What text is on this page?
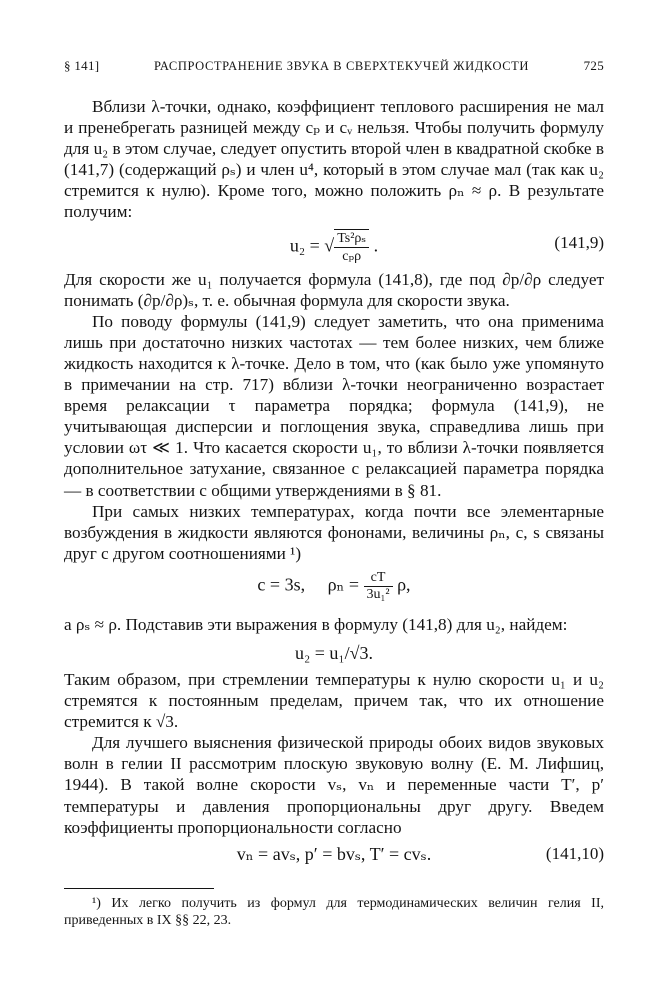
§ 141]	РАСПРОСТРАНЕНИЕ ЗВУКА В СВЕРХТЕКУЧЕЙ ЖИДКОСТИ	725

Вблизи λ-точки, однако, коэффициент теплового расширения не мал и пренебрегать разницей между cₚ и cᵥ нельзя. Чтобы получить формулу для u₂ в этом случае, следует опустить второй член в квадратной скобке в (141,7) (содержащий ρₛ) и член u⁴, который в этом случае мал (так как u₂ стремится к нулю). Кроме того, можно положить ρₙ ≈ ρ. В результате получим:

u₂ = √ $\frac{\text{Ts²ρₛ}}{\text{cₚρ}}$ .	(141,9)

Для скорости же u₁ получается формула (141,8), где под ∂p/∂ρ следует понимать (∂p/∂ρ)ₛ, т. е. обычная формула для скорости звука.

По поводу формулы (141,9) следует заметить, что она применима лишь при достаточно низких частотах — тем более низких, чем ближе жидкость находится к λ-точке. Дело в том, что (как было уже упомянуто в примечании на стр. 717) вблизи λ-точки неограниченно возрастает время релаксации τ параметра порядка; формула (141,9), не учитывающая дисперсии и поглощения звука, справедлива лишь при условии ωτ ≪ 1. Что касается скорости u₁, то вблизи λ-точки появляется дополнительное затухание, связанное с релаксацией параметра порядка — в соответствии с общими утверждениями в § 81.

При самых низких температурах, когда почти все элементарные возбуждения в жидкости являются фононами, величины ρₙ, c, s связаны друг с другом соотношениями ¹)

c = 3s, $\rho_n = \frac{cT}{\text{3u₁²}} \rho$,

а ρₛ ≈ ρ. Подставив эти выражения в формулу (141,8) для u₂, найдем:

u₂ = u₁/√3.

Таким образом, при стремлении температуры к нулю скорости u₁ и u₂ стремятся к постоянным пределам, причем так, что их отношение стремится к √3.

Для лучшего выяснения физической природы обоих видов звуковых волн в гелии II рассмотрим плоскую звуковую волну (Е. М. Лифшиц, 1944). В такой волне скорости vₛ, vₙ и переменные части T′, p′ температуры и давления пропорциональны друг другу. Введем коэффициенты пропорциональности согласно

vₙ = avₛ, p′ = bvₛ, T′ = cvₛ.	(141,10)

¹) Их легко получить из формул для термодинамических величин гелия II, приведенных в IX §§ 22, 23.
